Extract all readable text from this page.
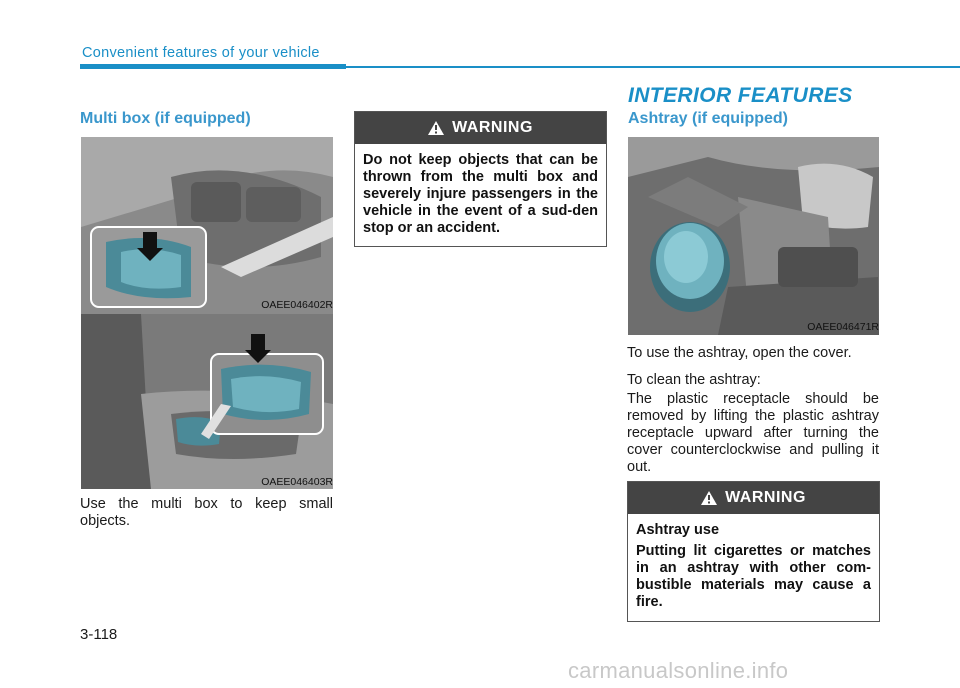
Convenient features of your vehicle
INTERIOR FEATURES
Multi box (if equipped)
OAEE046402R
OAEE046403R
Use the multi box to keep small objects.
WARNING
Do not keep objects that can be thrown from the multi box and severely injure passengers in the vehicle in the event of a sud-den stop or an accident.
Ashtray (if equipped)
OAEE046471R
To use the ashtray, open the cover.
To clean the ashtray:
The plastic receptacle should be removed by lifting the plastic ashtray receptacle upward after turning the cover counterclockwise and pulling it out.
WARNING
Ashtray use
Putting lit cigarettes or matches in an ashtray with other com-bustible materials may cause a fire.
3-118
carmanualsonline.info
